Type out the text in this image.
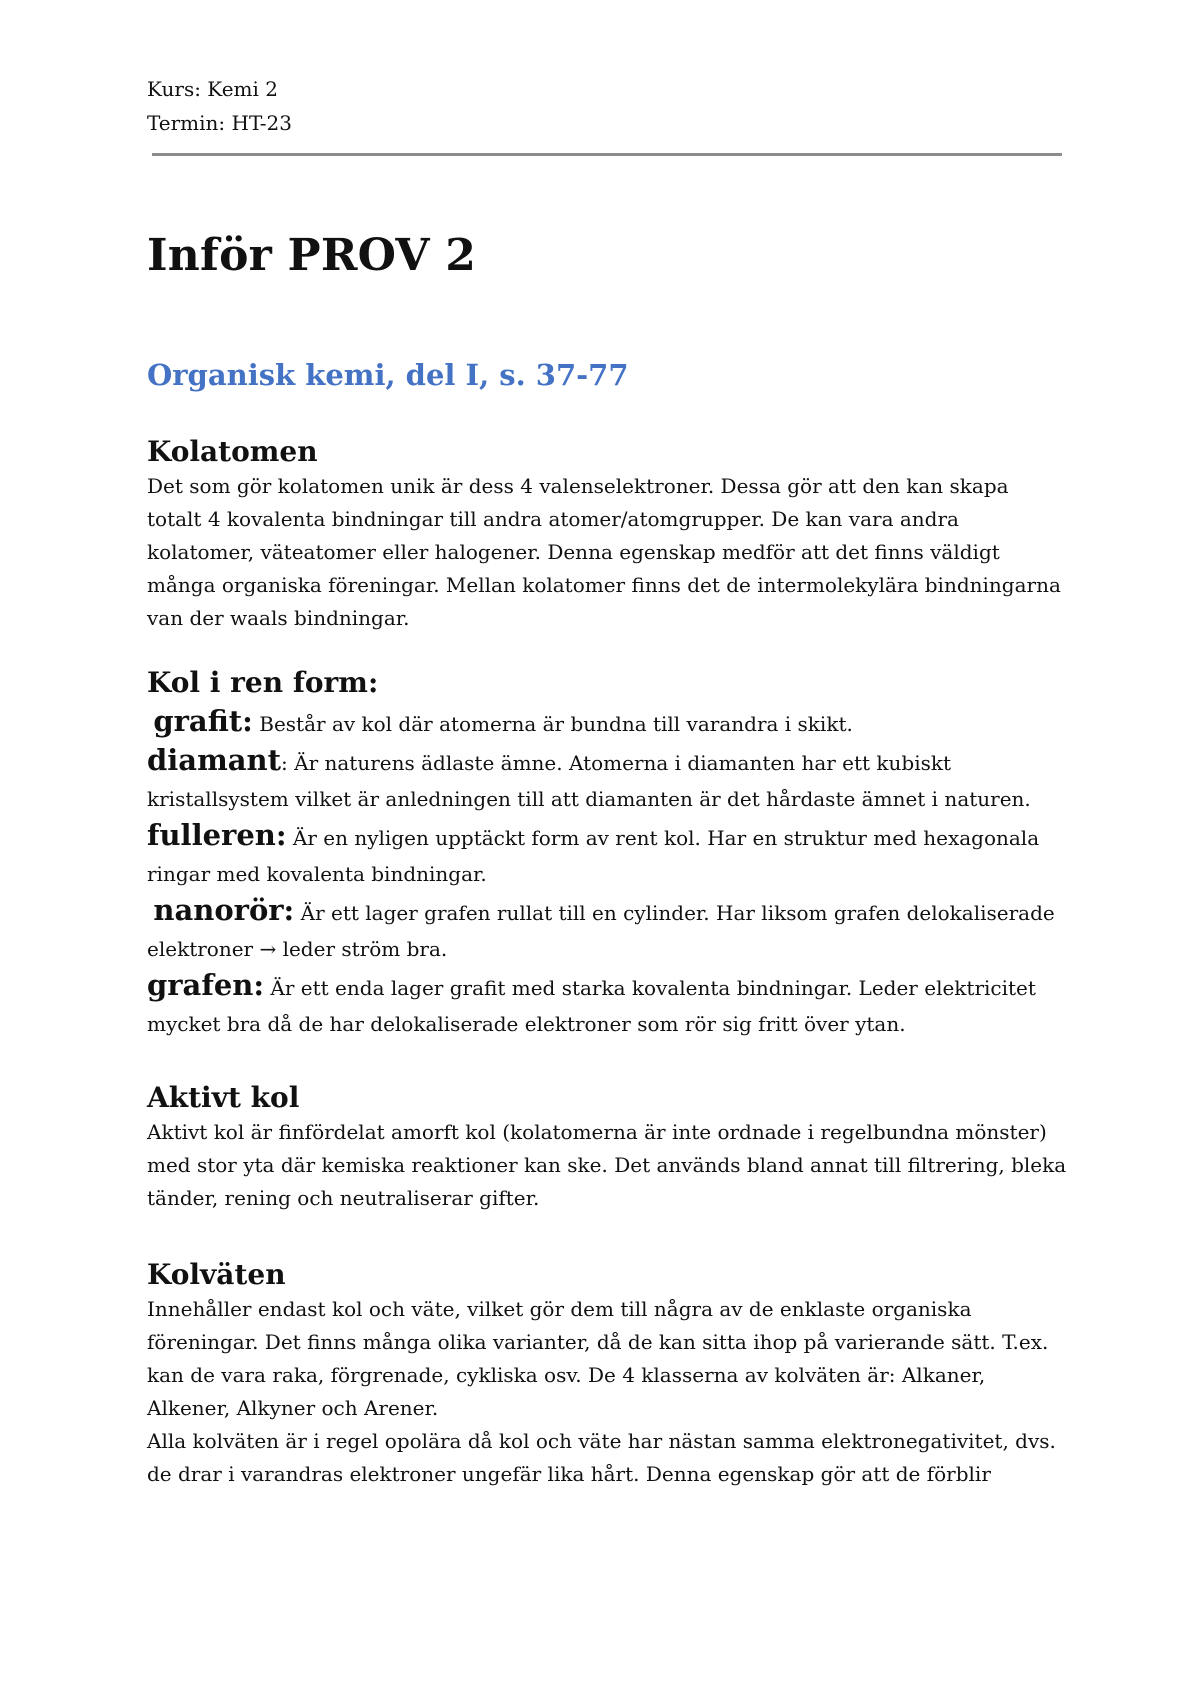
Kurs: Kemi 2
Termin: HT-23
Inför PROV 2
Organisk kemi, del I, s. 37-77
Kolatomen

Det som gör kolatomen unik är dess 4 valenselektroner. Dessa gör att den kan skapa totalt 4 kovalenta bindningar till andra atomer/atomgrupper. De kan vara andra kolatomer, väteatomer eller halogener. Denna egenskap medför att det finns väldigt många organiska föreningar. Mellan kolatomer finns det de intermolekylära bindningarna van der waals bindningar.

Kol i ren form:

grafit: Består av kol där atomerna är bundna till varandra i skikt.

diamant: Är naturens ädlaste ämne. Atomerna i diamanten har ett kubiskt kristallsystem vilket är anledningen till att diamanten är det hårdaste ämnet i naturen.

fulleren: Är en nyligen upptäckt form av rent kol. Har en struktur med hexagonala ringar med kovalenta bindningar.

nanorör: Är ett lager grafen rullat till en cylinder. Har liksom grafen delokaliserade elektroner → leder ström bra.

grafen: Är ett enda lager grafit med starka kovalenta bindningar. Leder elektricitet mycket bra då de har delokaliserade elektroner som rör sig fritt över ytan.

Aktivt kol

Aktivt kol är finfördelat amorft kol (kolatomerna är inte ordnade i regelbundna mönster) med stor yta där kemiska reaktioner kan ske. Det används bland annat till filtrering, bleka tänder, rening och neutraliserar gifter.

Kolväten

Innehåller endast kol och väte, vilket gör dem till några av de enklaste organiska föreningar. Det finns många olika varianter, då de kan sitta ihop på varierande sätt. T.ex. kan de vara raka, förgrenade, cykliska osv. De 4 klasserna av kolväten är: Alkaner, Alkener, Alkyner och Arener.

Alla kolväten är i regel opolära då kol och väte har nästan samma elektronegativitet, dvs. de drar i varandras elektroner ungefär lika hårt. Denna egenskap gör att de förblir
